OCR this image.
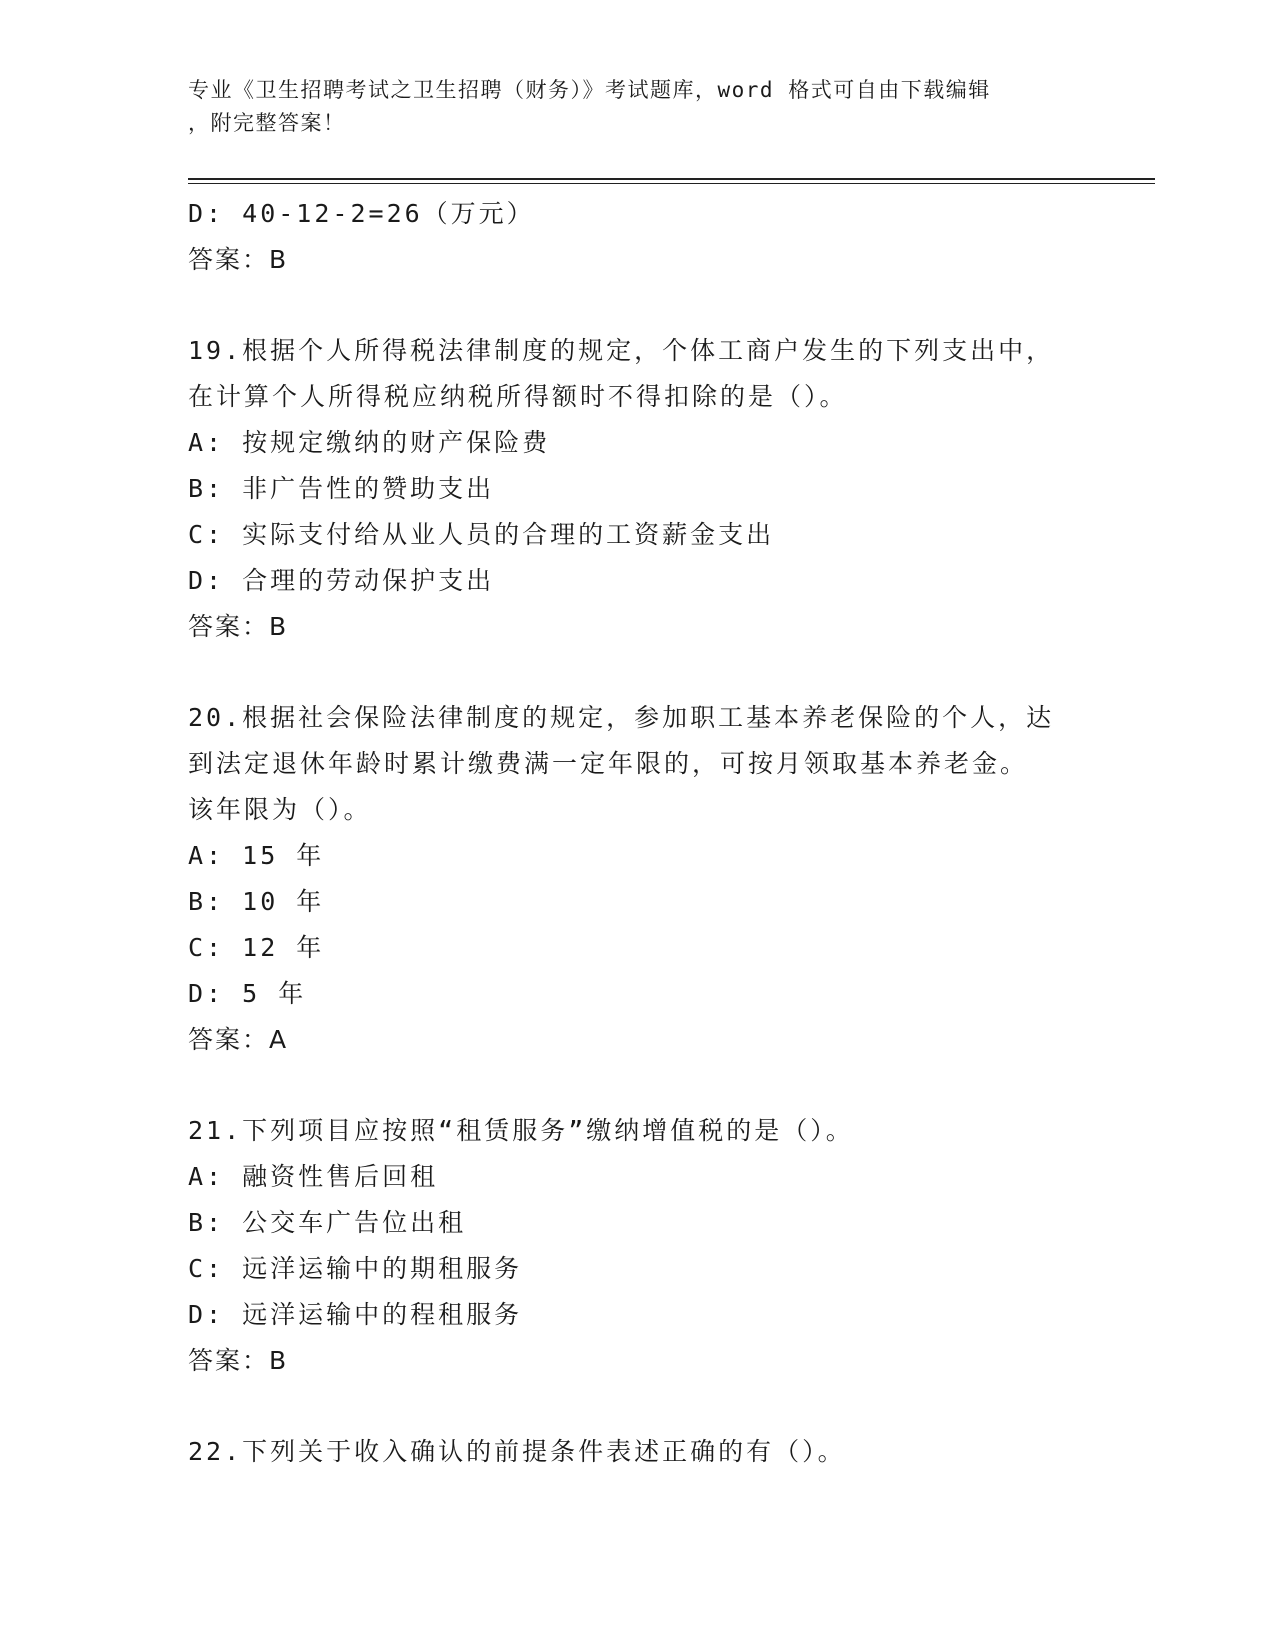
专业《卫生招聘考试之卫生招聘（财务）》考试题库，word 格式可自由下载编辑
，附完整答案！
D: 40-12-2=26（万元）
答案：B
19.根据个人所得税法律制度的规定，个体工商户发生的下列支出中，
在计算个人所得税应纳税所得额时不得扣除的是（）。
A: 按规定缴纳的财产保险费
B: 非广告性的赞助支出
C: 实际支付给从业人员的合理的工资薪金支出
D: 合理的劳动保护支出
答案：B
20.根据社会保险法律制度的规定，参加职工基本养老保险的个人，达
到法定退休年龄时累计缴费满一定年限的，可按月领取基本养老金。
该年限为（）。
A: 15 年
B: 10 年
C: 12 年
D: 5 年
答案：A
21.下列项目应按照“租赁服务”缴纳增值税的是（）。
A: 融资性售后回租
B: 公交车广告位出租
C: 远洋运输中的期租服务
D: 远洋运输中的程租服务
答案：B
22.下列关于收入确认的前提条件表述正确的有（）。
